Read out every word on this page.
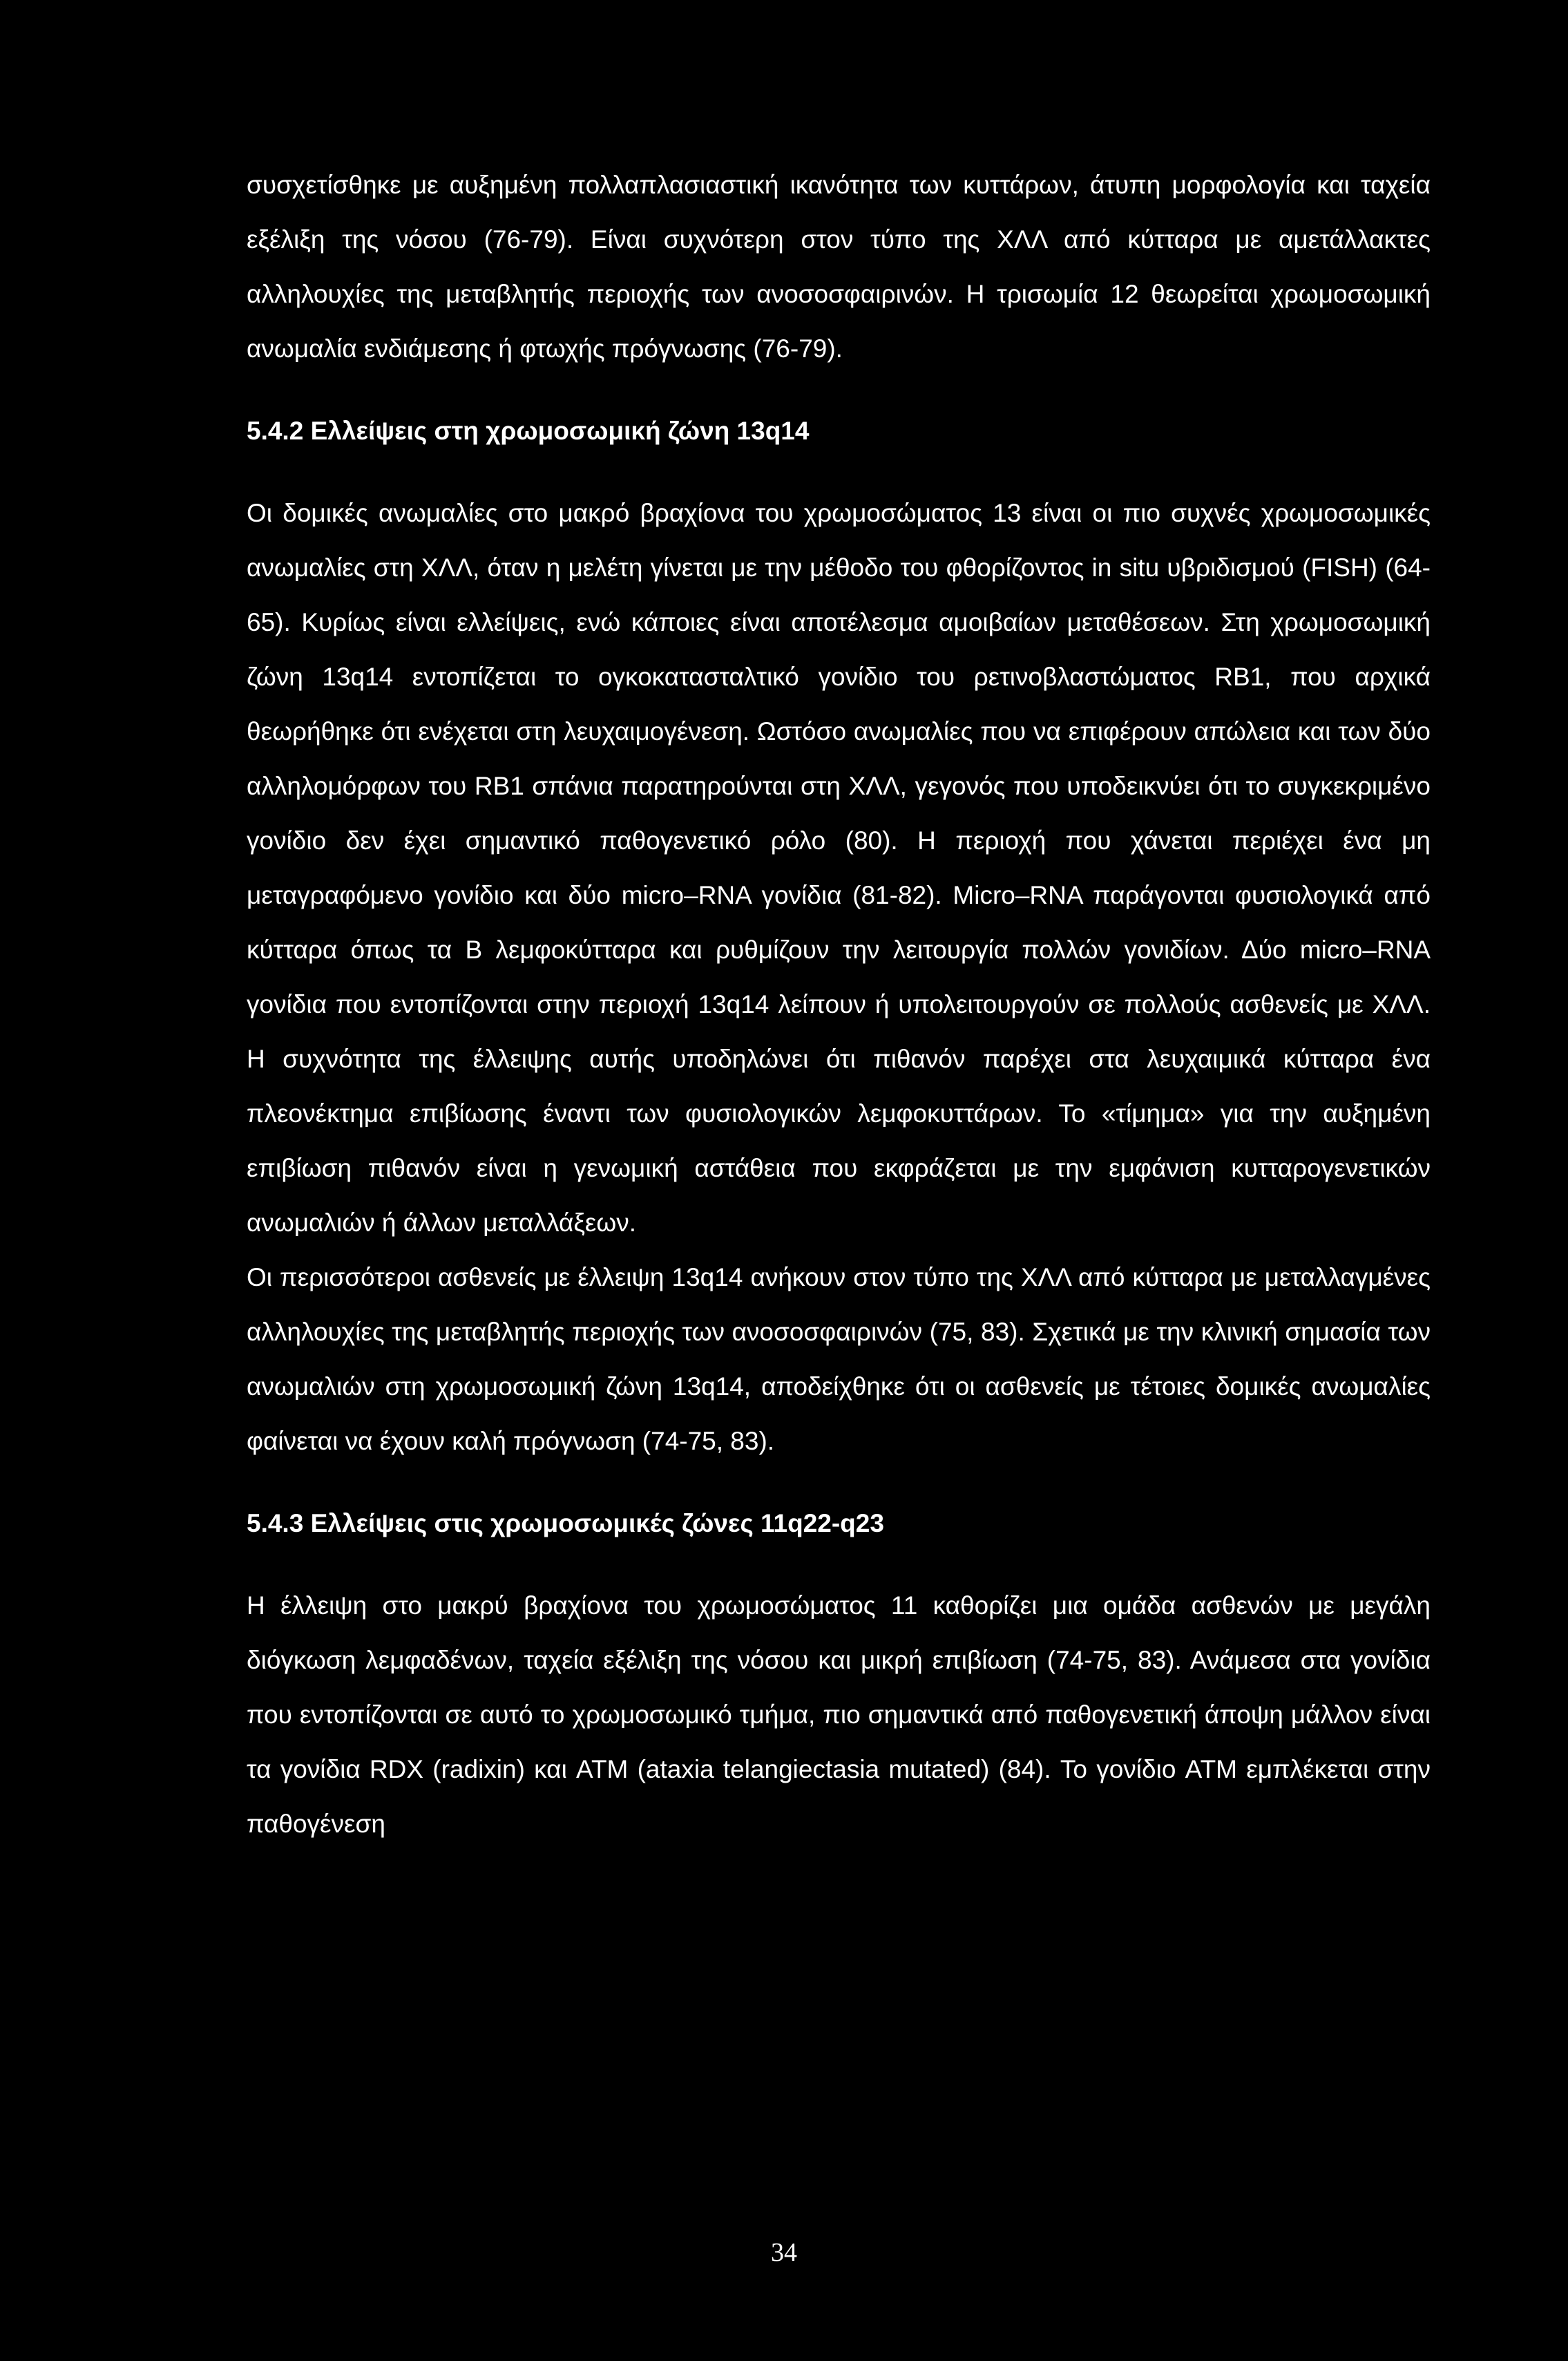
συσχετίσθηκε με αυξημένη πολλαπλασιαστική ικανότητα των κυττάρων, άτυπη μορφολογία και ταχεία εξέλιξη της νόσου (76-79). Είναι συχνότερη στον τύπο της ΧΛΛ από κύτταρα με αμετάλλακτες αλληλουχίες της μεταβλητής περιοχής των ανοσοσφαιρινών. Η τρισωμία 12 θεωρείται χρωμοσωμική ανωμαλία ενδιάμεσης ή φτωχής πρόγνωσης (76-79).

5.4.2 Ελλείψεις στη χρωμοσωμική ζώνη 13q14

Οι δομικές ανωμαλίες στο μακρό βραχίονα του χρωμοσώματος 13 είναι οι πιο συχνές χρωμοσωμικές ανωμαλίες στη ΧΛΛ, όταν η μελέτη γίνεται με την μέθοδο του φθορίζοντος in situ υβριδισμού (FISH) (64-65). Κυρίως είναι ελλείψεις, ενώ κάποιες είναι αποτέλεσμα αμοιβαίων μεταθέσεων. Στη χρωμοσωμική ζώνη 13q14 εντοπίζεται το ογκοκατασταλτικό γονίδιο του ρετινοβλαστώματος RB1, που αρχικά θεωρήθηκε ότι ενέχεται στη λευχαιμογένεση. Ωστόσο ανωμαλίες που να επιφέρουν απώλεια και των δύο αλληλομόρφων του RB1 σπάνια παρατηρούνται στη ΧΛΛ, γεγονός που υποδεικνύει ότι το συγκεκριμένο γονίδιο δεν έχει σημαντικό παθογενετικό ρόλο (80). Η περιοχή που χάνεται περιέχει ένα μη μεταγραφόμενο γονίδιο και δύο micro–RNA γονίδια (81-82). Micro–RNA παράγονται φυσιολογικά από κύτταρα όπως τα Β λεμφοκύτταρα και ρυθμίζουν την λειτουργία πολλών γονιδίων. Δύο micro–RNA γονίδια που εντοπίζονται στην περιοχή 13q14 λείπουν ή υπολειτουργούν σε πολλούς ασθενείς με ΧΛΛ. Η συχνότητα της έλλειψης αυτής υποδηλώνει ότι πιθανόν παρέχει στα λευχαιμικά κύτταρα ένα πλεονέκτημα επιβίωσης έναντι των φυσιολογικών λεμφοκυττάρων. Το «τίμημα» για την αυξημένη επιβίωση πιθανόν είναι η γενωμική αστάθεια που εκφράζεται με την εμφάνιση κυτταρογενετικών ανωμαλιών ή άλλων μεταλλάξεων.

Οι περισσότεροι ασθενείς με έλλειψη 13q14 ανήκουν στον τύπο της ΧΛΛ από κύτταρα με μεταλλαγμένες αλληλουχίες της μεταβλητής περιοχής των ανοσοσφαιρινών (75, 83). Σχετικά με την κλινική σημασία των ανωμαλιών στη χρωμοσωμική ζώνη 13q14, αποδείχθηκε ότι οι ασθενείς με τέτοιες δομικές ανωμαλίες φαίνεται να έχουν καλή πρόγνωση (74-75, 83).

5.4.3 Ελλείψεις στις χρωμοσωμικές ζώνες 11q22-q23

Η έλλειψη στο μακρύ βραχίονα του χρωμοσώματος 11 καθορίζει μια ομάδα ασθενών με μεγάλη διόγκωση λεμφαδένων, ταχεία εξέλιξη της νόσου και μικρή επιβίωση (74-75, 83). Ανάμεσα στα γονίδια που εντοπίζονται σε αυτό το χρωμοσωμικό τμήμα, πιο σημαντικά από παθογενετική άποψη μάλλον είναι τα γονίδια RDX (radixin) και ATM (ataxia telangiectasia mutated) (84). Το γονίδιο ATM εμπλέκεται στην παθογένεση

34
